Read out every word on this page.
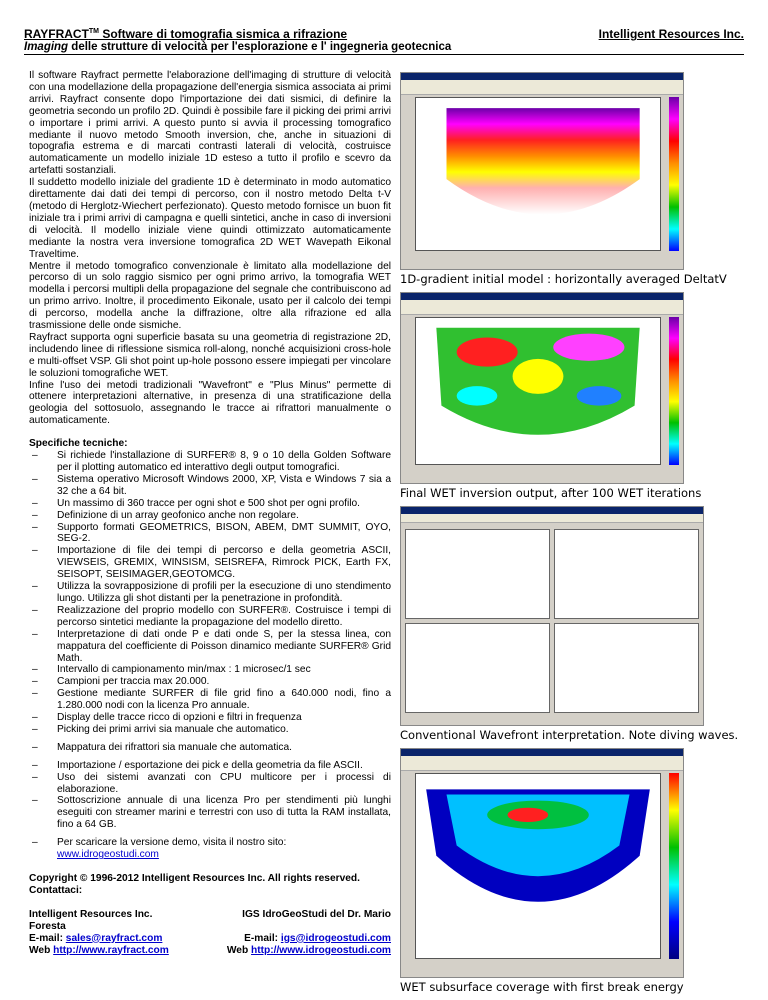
RAYFRACT™ Software di tomografia sismica a rifrazione	Intelligent Resources Inc.
Imaging delle strutture di velocità per l'esplorazione e l' ingegneria geotecnica

Il software Rayfract permette l'elaborazione dell'imaging di strutture di velocità con una modellazione della propagazione dell'energia sismica associata ai primi arrivi. Rayfract consente dopo l'importazione dei dati sismici, di definire la geometria secondo un profilo 2D. Quindi è possibile fare il picking dei primi arrivi o importare i primi arrivi. A questo punto si avvia il processing tomografico mediante il nuovo metodo Smooth inversion, che, anche in situazioni di topografia estrema e di marcati contrasti laterali di velocità, costruisce automaticamente un modello iniziale 1D esteso a tutto il profilo e scevro da artefatti sostanziali.

Il suddetto modello iniziale del gradiente 1D è determinato in modo automatico direttamente dai dati dei tempi di percorso, con il nostro metodo Delta t-V (metodo di Herglotz-Wiechert perfezionato). Questo metodo fornisce un buon fit iniziale tra i primi arrivi di campagna e quelli sintetici, anche in caso di inversioni di velocità. Il modello iniziale viene quindi ottimizzato automaticamente mediante la nostra vera inversione tomografica 2D WET Wavepath Eikonal Traveltime.

Mentre il metodo tomografico convenzionale è limitato alla modellazione del percorso di un solo raggio sismico per ogni primo arrivo, la tomografia WET modella i percorsi multipli della propagazione del segnale che contribuiscono ad un primo arrivo. Inoltre, il procedimento Eikonale, usato per il calcolo dei tempi di percorso, modella anche la diffrazione, oltre alla rifrazione ed alla trasmissione delle onde sismiche.

Rayfract supporta ogni superficie basata su una geometria di registrazione 2D, includendo linee di riflessione sismica roll-along, nonché acquisizioni cross-hole e multi-offset VSP. Gli shot point up-hole possono essere impiegati per vincolare le soluzioni tomografiche WET.

Infine l'uso dei metodi tradizionali "Wavefront" e "Plus Minus" permette di ottenere interpretazioni alternative, in presenza di una stratificazione della geologia del sottosuolo, assegnando le tracce ai rifrattori manualmente o automaticamente.

Specifiche tecniche:

– Si richiede l'installazione di SURFER® 8, 9 o 10 della Golden Software per il plotting automatico ed interattivo degli output tomografici.
– Sistema operativo Microsoft Windows 2000, XP, Vista e Windows 7 sia a 32 che a 64 bit.
– Un massimo di 360 tracce per ogni shot e 500 shot per ogni profilo.
– Definizione di un array geofonico anche non regolare.
– Supporto formati GEOMETRICS, BISON, ABEM, DMT SUMMIT, OYO, SEG-2.
– Importazione di file dei tempi di percorso e della geometria ASCII, VIEWSEIS, GREMIX, WINSISM, SEISREFA, Rimrock PICK, Earth FX, SEISOPT, SEISIMAGER,GEOTOMCG.
– Utilizza la sovrapposizione di profili per la esecuzione di uno stendimento lungo. Utilizza gli shot distanti per la penetrazione in profondità.
– Realizzazione del proprio modello con SURFER®. Costruisce i tempi di percorso sintetici mediante la propagazione del modello diretto.
– Interpretazione di dati onde P e dati onde S, per la stessa linea, con mappatura del coefficiente di Poisson dinamico mediante SURFER® Grid Math.
– Intervallo di campionamento min/max : 1 microsec/1 sec
– Campioni per traccia max 20.000.
– Gestione mediante SURFER di file grid fino a 640.000 nodi, fino a 1.280.000 nodi con la licenza Pro annuale.
– Display delle tracce ricco di opzioni e filtri in frequenza
– Picking dei primi arrivi sia manuale che automatico.
– Mappatura dei rifrattori sia manuale che automatica.
– Importazione / esportazione dei pick e della geometria da file ASCII.
– Uso dei sistemi avanzati con CPU multicore per i processi di elaborazione.
– Sottoscrizione annuale di una licenza Pro per stendimenti più lunghi eseguiti con streamer marini e terrestri con uso di tutta la RAM installata, fino a 64 GB.
– Per scaricare la versione demo, visita il nostro sito:
www.idrogeostudi.com

Copyright © 1996-2012 Intelligent Resources Inc. All rights reserved.
Contattaci:

Intelligent Resources Inc.
Foresta
E-mail: sales@rayfract.com
Web http://www.rayfract.com
IGS IdroGeoStudi del Dr. Mario

E-mail: igs@idrogeostudi.com
Web http://www.idrogeostudi.com
1D-gradient initial model : horizontally averaged DeltatV
Final WET inversion output, after 100 WET iterations
Conventional Wavefront interpretation. Note diving waves.
WET subsurface coverage with first break energy
